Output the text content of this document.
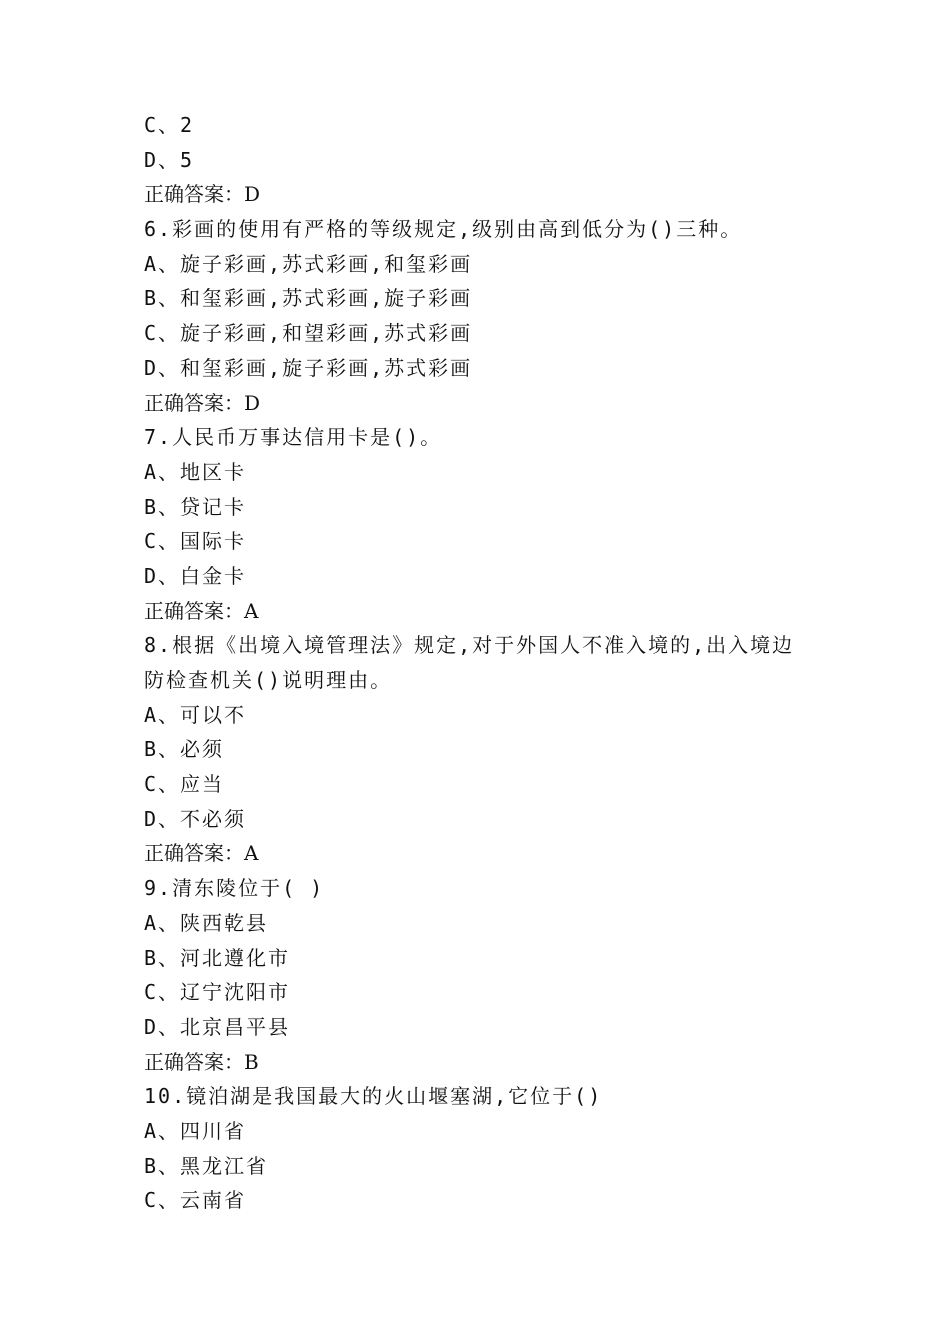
C、2
D、5
正确答案：D
6.彩画的使用有严格的等级规定,级别由高到低分为()三种。
A、旋子彩画,苏式彩画,和玺彩画
B、和玺彩画,苏式彩画,旋子彩画
C、旋子彩画,和望彩画,苏式彩画
D、和玺彩画,旋子彩画,苏式彩画
正确答案：D
7.人民币万事达信用卡是()。
A、地区卡
B、贷记卡
C、国际卡
D、白金卡
正确答案：A
8.根据《出境入境管理法》规定,对于外国人不准入境的,出入境边
防检查机关()说明理由。
A、可以不
B、必须
C、应当
D、不必须
正确答案：A
9.清东陵位于( )
A、陕西乾县
B、河北遵化市
C、辽宁沈阳市
D、北京昌平县
正确答案：B
10.镜泊湖是我国最大的火山堰塞湖,它位于()
A、四川省
B、黑龙江省
C、云南省
